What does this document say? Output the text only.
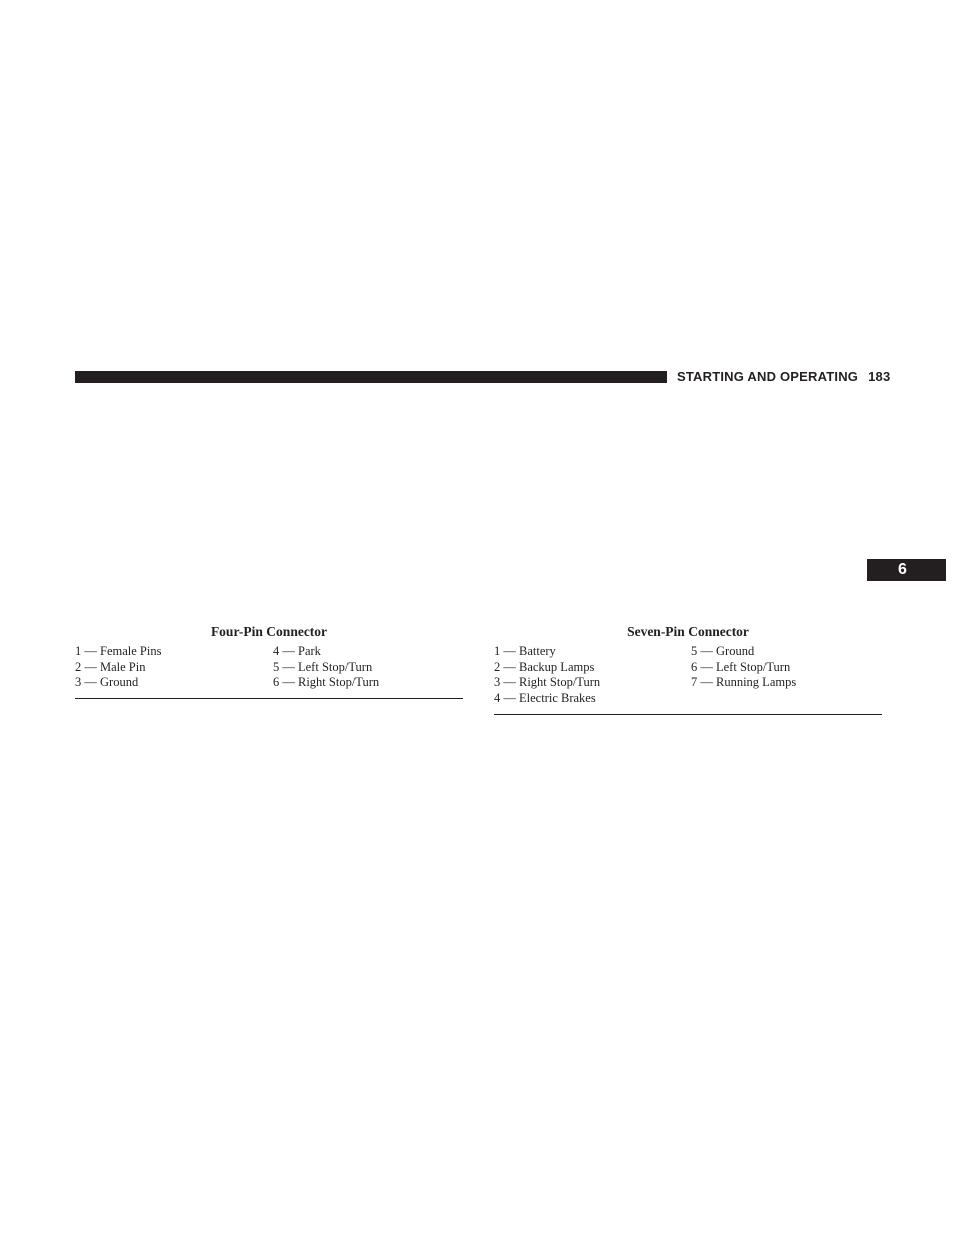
STARTING AND OPERATING 183
6
Four-Pin Connector
1 — Female Pins
2 — Male Pin
3 — Ground
4 — Park
5 — Left Stop/Turn
6 — Right Stop/Turn
Seven-Pin Connector
1 — Battery
2 — Backup Lamps
3 — Right Stop/Turn
4 — Electric Brakes
5 — Ground
6 — Left Stop/Turn
7 — Running Lamps
